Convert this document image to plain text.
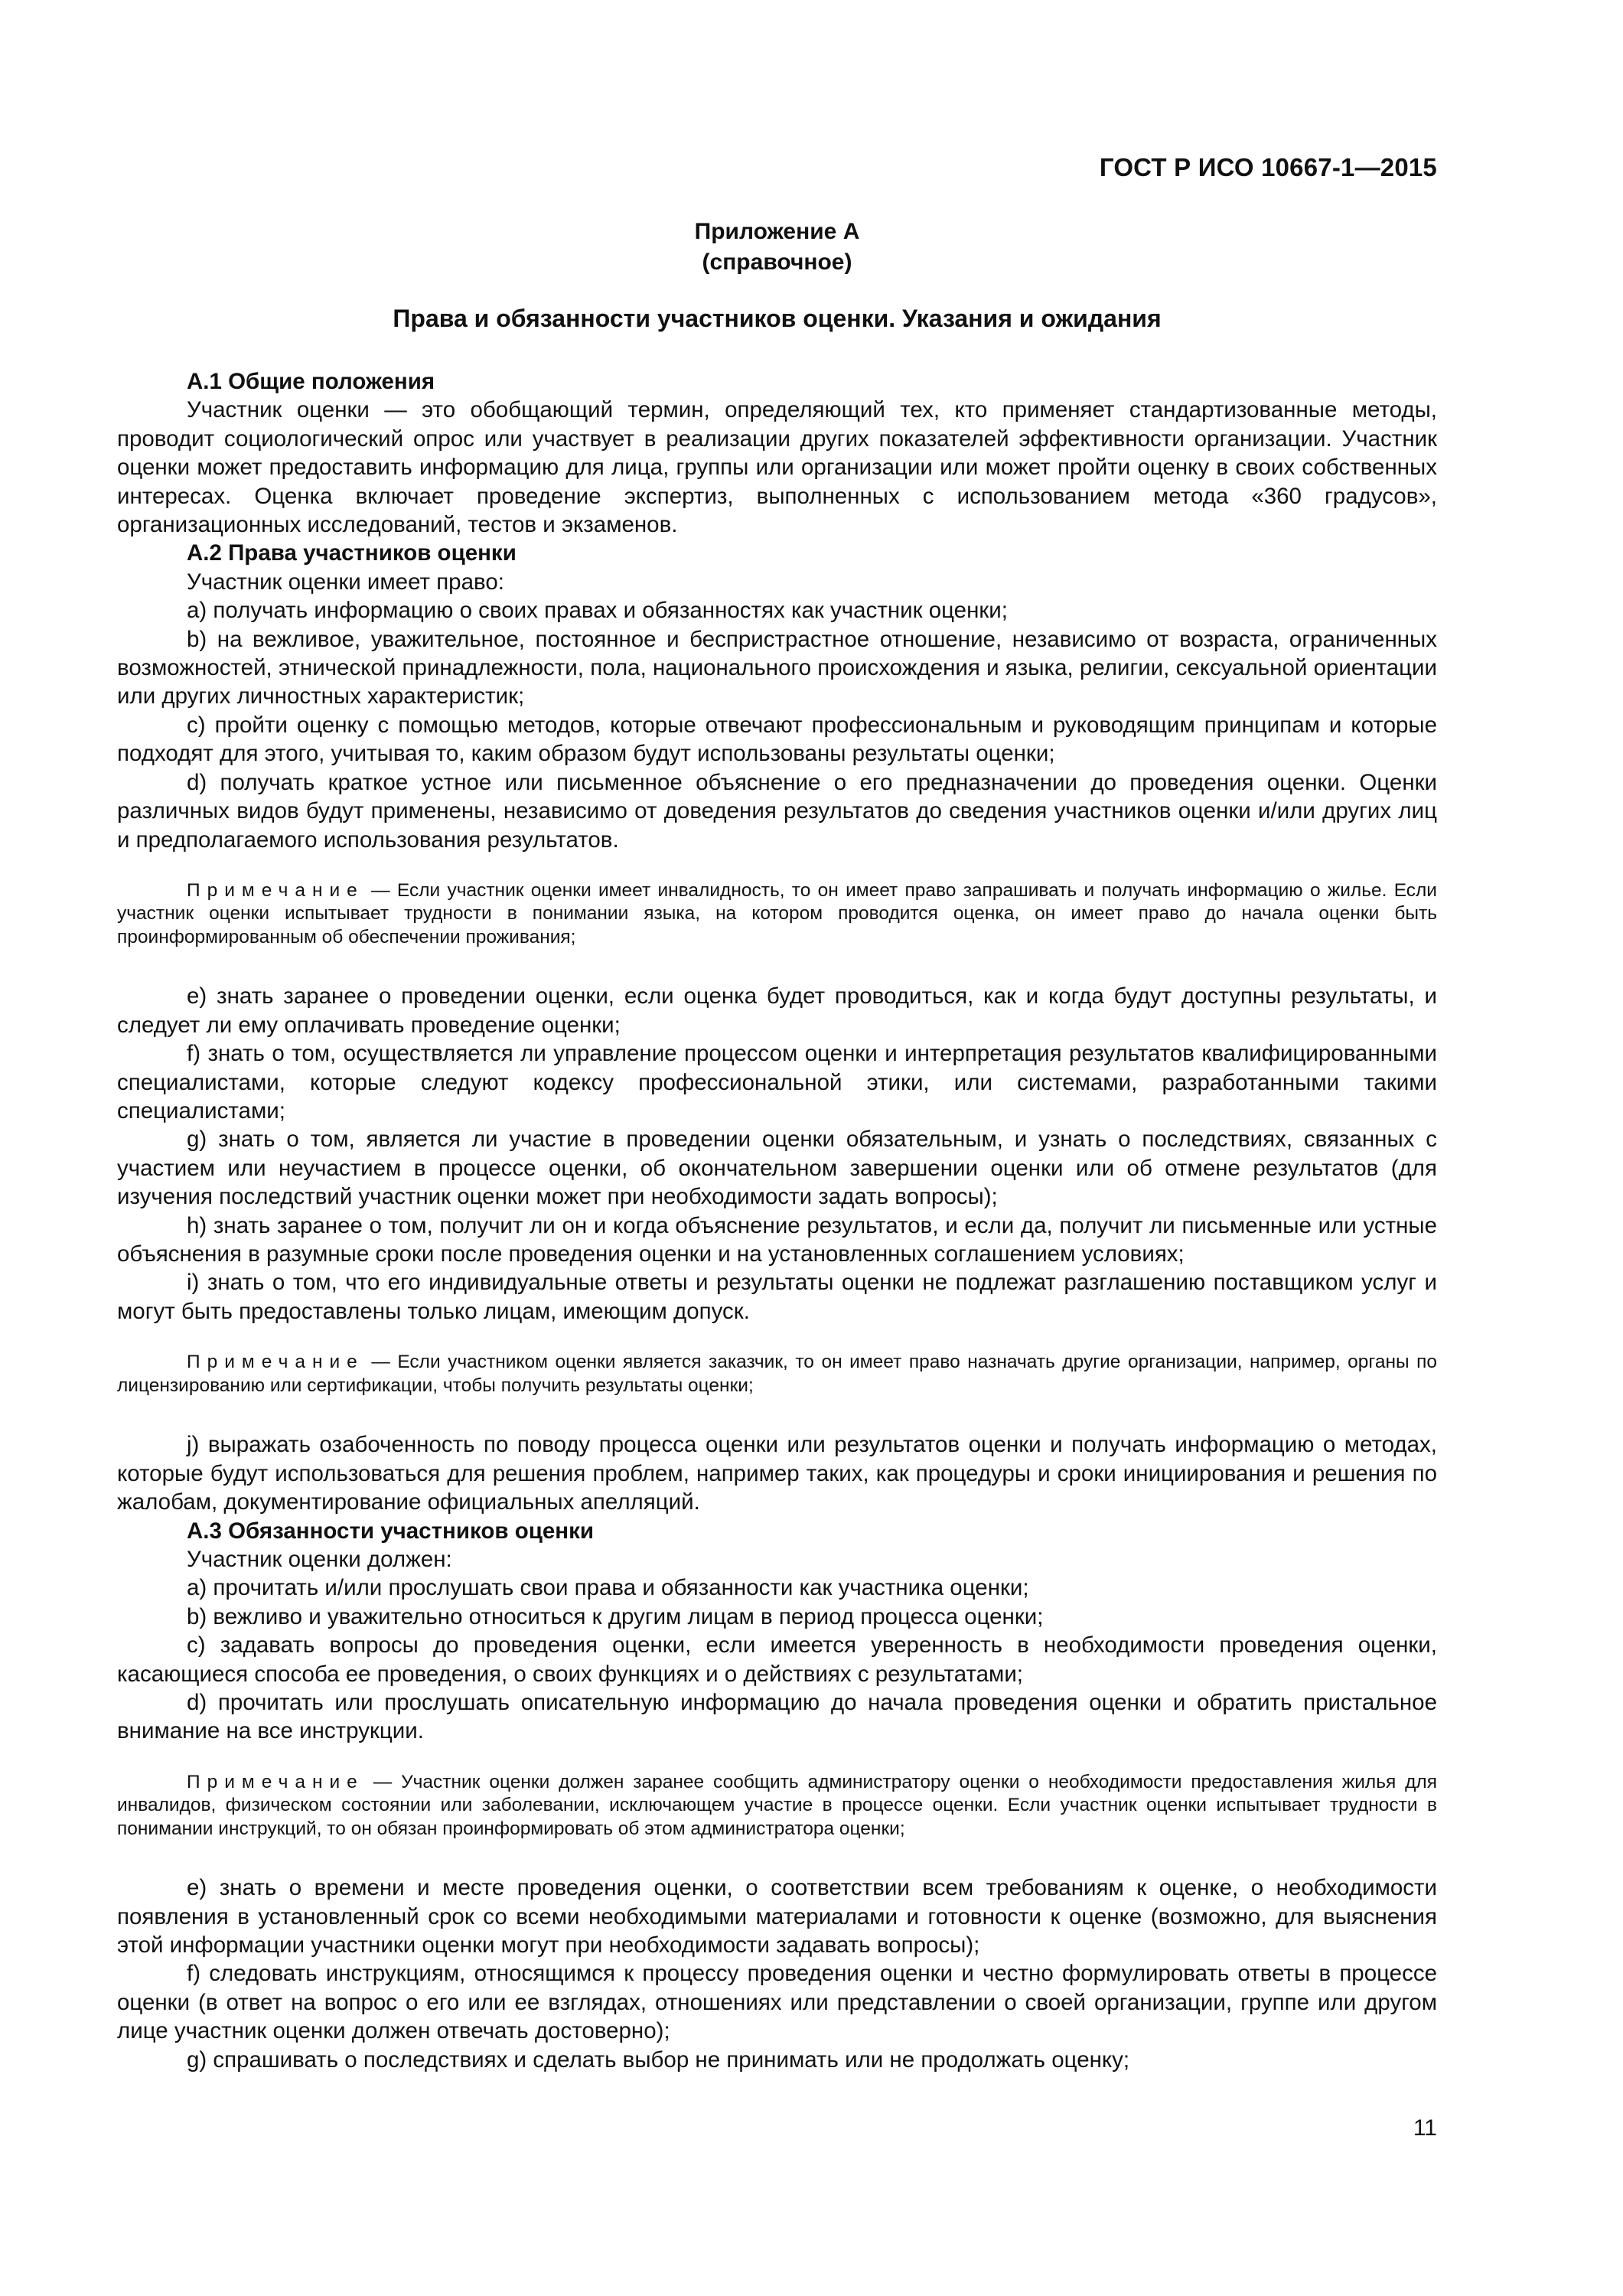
ГОСТ Р ИСО 10667-1—2015
Приложение А
(справочное)
Права и обязанности участников оценки. Указания и ожидания

А.1 Общие положения

Участник оценки — это обобщающий термин, определяющий тех, кто применяет стандартизованные методы, проводит социологический опрос или участвует в реализации других показателей эффективности организации. Участник оценки может предоставить информацию для лица, группы или организации или может пройти оценку в своих собственных интересах. Оценка включает проведение экспертиз, выполненных с использованием метода «360 градусов», организационных исследований, тестов и экзаменов.

А.2 Права участников оценки

Участник оценки имеет право:

a) получать информацию о своих правах и обязанностях как участник оценки;

b) на вежливое, уважительное, постоянное и беспристрастное отношение, независимо от возраста, ограниченных возможностей, этнической принадлежности, пола, национального происхождения и языка, религии, сексуальной ориентации или других личностных характеристик;

c) пройти оценку с помощью методов, которые отвечают профессиональным и руководящим принципам и которые подходят для этого, учитывая то, каким образом будут использованы результаты оценки;

d) получать краткое устное или письменное объяснение о его предназначении до проведения оценки. Оценки различных видов будут применены, независимо от доведения результатов до сведения участников оценки и/или других лиц и предполагаемого использования результатов.

Примечание — Если участник оценки имеет инвалидность, то он имеет право запрашивать и получать информацию о жилье. Если участник оценки испытывает трудности в понимании языка, на котором проводится оценка, он имеет право до начала оценки быть проинформированным об обеспечении проживания;

e) знать заранее о проведении оценки, если оценка будет проводиться, как и когда будут доступны результаты, и следует ли ему оплачивать проведение оценки;

f) знать о том, осуществляется ли управление процессом оценки и интерпретация результатов квалифицированными специалистами, которые следуют кодексу профессиональной этики, или системами, разработанными такими специалистами;

g) знать о том, является ли участие в проведении оценки обязательным, и узнать о последствиях, связанных с участием или неучастием в процессе оценки, об окончательном завершении оценки или об отмене результатов (для изучения последствий участник оценки может при необходимости задать вопросы);

h) знать заранее о том, получит ли он и когда объяснение результатов, и если да, получит ли письменные или устные объяснения в разумные сроки после проведения оценки и на установленных соглашением условиях;

i) знать о том, что его индивидуальные ответы и результаты оценки не подлежат разглашению поставщиком услуг и могут быть предоставлены только лицам, имеющим допуск.

Примечание — Если участником оценки является заказчик, то он имеет право назначать другие организации, например, органы по лицензированию или сертификации, чтобы получить результаты оценки;

j) выражать озабоченность по поводу процесса оценки или результатов оценки и получать информацию о методах, которые будут использоваться для решения проблем, например таких, как процедуры и сроки инициирования и решения по жалобам, документирование официальных апелляций.

А.3 Обязанности участников оценки

Участник оценки должен:

a) прочитать и/или прослушать свои права и обязанности как участника оценки;

b) вежливо и уважительно относиться к другим лицам в период процесса оценки;

c) задавать вопросы до проведения оценки, если имеется уверенность в необходимости проведения оценки, касающиеся способа ее проведения, о своих функциях и о действиях с результатами;

d) прочитать или прослушать описательную информацию до начала проведения оценки и обратить пристальное внимание на все инструкции.

Примечание — Участник оценки должен заранее сообщить администратору оценки о необходимости предоставления жилья для инвалидов, физическом состоянии или заболевании, исключающем участие в процессе оценки. Если участник оценки испытывает трудности в понимании инструкций, то он обязан проинформировать об этом администратора оценки;

e) знать о времени и месте проведения оценки, о соответствии всем требованиям к оценке, о необходимости появления в установленный срок со всеми необходимыми материалами и готовности к оценке (возможно, для выяснения этой информации участники оценки могут при необходимости задавать вопросы);

f) следовать инструкциям, относящимся к процессу проведения оценки и честно формулировать ответы в процессе оценки (в ответ на вопрос о его или ее взглядах, отношениях или представлении о своей организации, группе или другом лице участник оценки должен отвечать достоверно);

g) спрашивать о последствиях и сделать выбор не принимать или не продолжать оценку;

11
